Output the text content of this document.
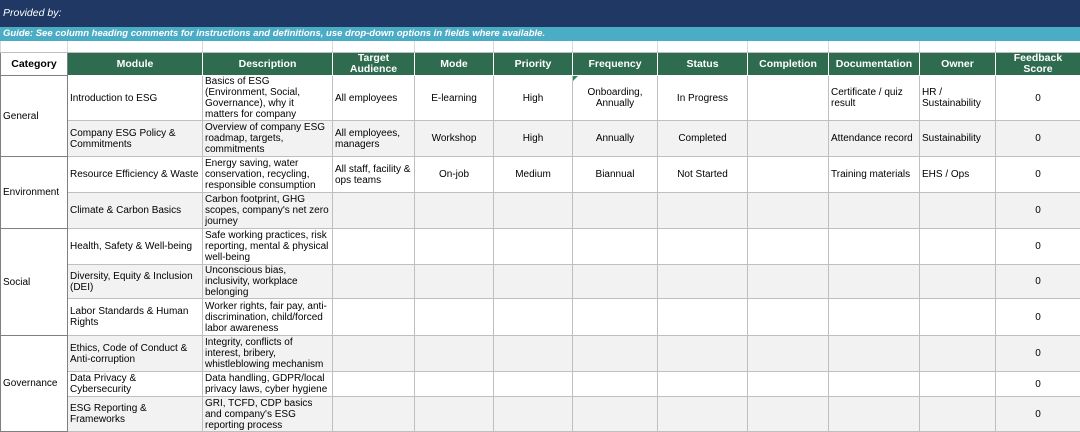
Provided by:
Guide: See column heading comments for instructions and definitions, use drop-down options in fields where available.

Category	Module	Description	Target Audience	Mode	Priority	Frequency	Status	Completion	Documentation	Owner	Feedback Score
General	Introduction to ESG	Basics of ESG (Environment, Social, Governance), why it matters for company	All employees	E-learning	High	Onboarding, Annually	In Progress		Certificate / quiz result	HR / Sustainability	0
	Company ESG Policy & Commitments	Overview of company ESG roadmap, targets, commitments	All employees, managers	Workshop	High	Annually	Completed		Attendance record	Sustainability	0
Environment	Resource Efficiency & Waste	Energy saving, water conservation, recycling, responsible consumption	All staff, facility & ops teams	On-job	Medium	Biannual	Not Started		Training materials	EHS / Ops	0
	Climate & Carbon Basics	Carbon footprint, GHG scopes, company's net zero journey									0
Social	Health, Safety & Well-being	Safe working practices, risk reporting, mental & physical well-being									0
	Diversity, Equity & Inclusion (DEI)	Unconscious bias, inclusivity, workplace belonging									0
	Labor Standards & Human Rights	Worker rights, fair pay, anti-discrimination, child/forced labor awareness									0
Governance	Ethics, Code of Conduct & Anti-corruption	Integrity, conflicts of interest, bribery, whistleblowing mechanism									0
	Data Privacy & Cybersecurity	Data handling, GDPR/local privacy laws, cyber hygiene									0
	ESG Reporting & Frameworks	GRI, TCFD, CDP basics and company's ESG reporting process									0
